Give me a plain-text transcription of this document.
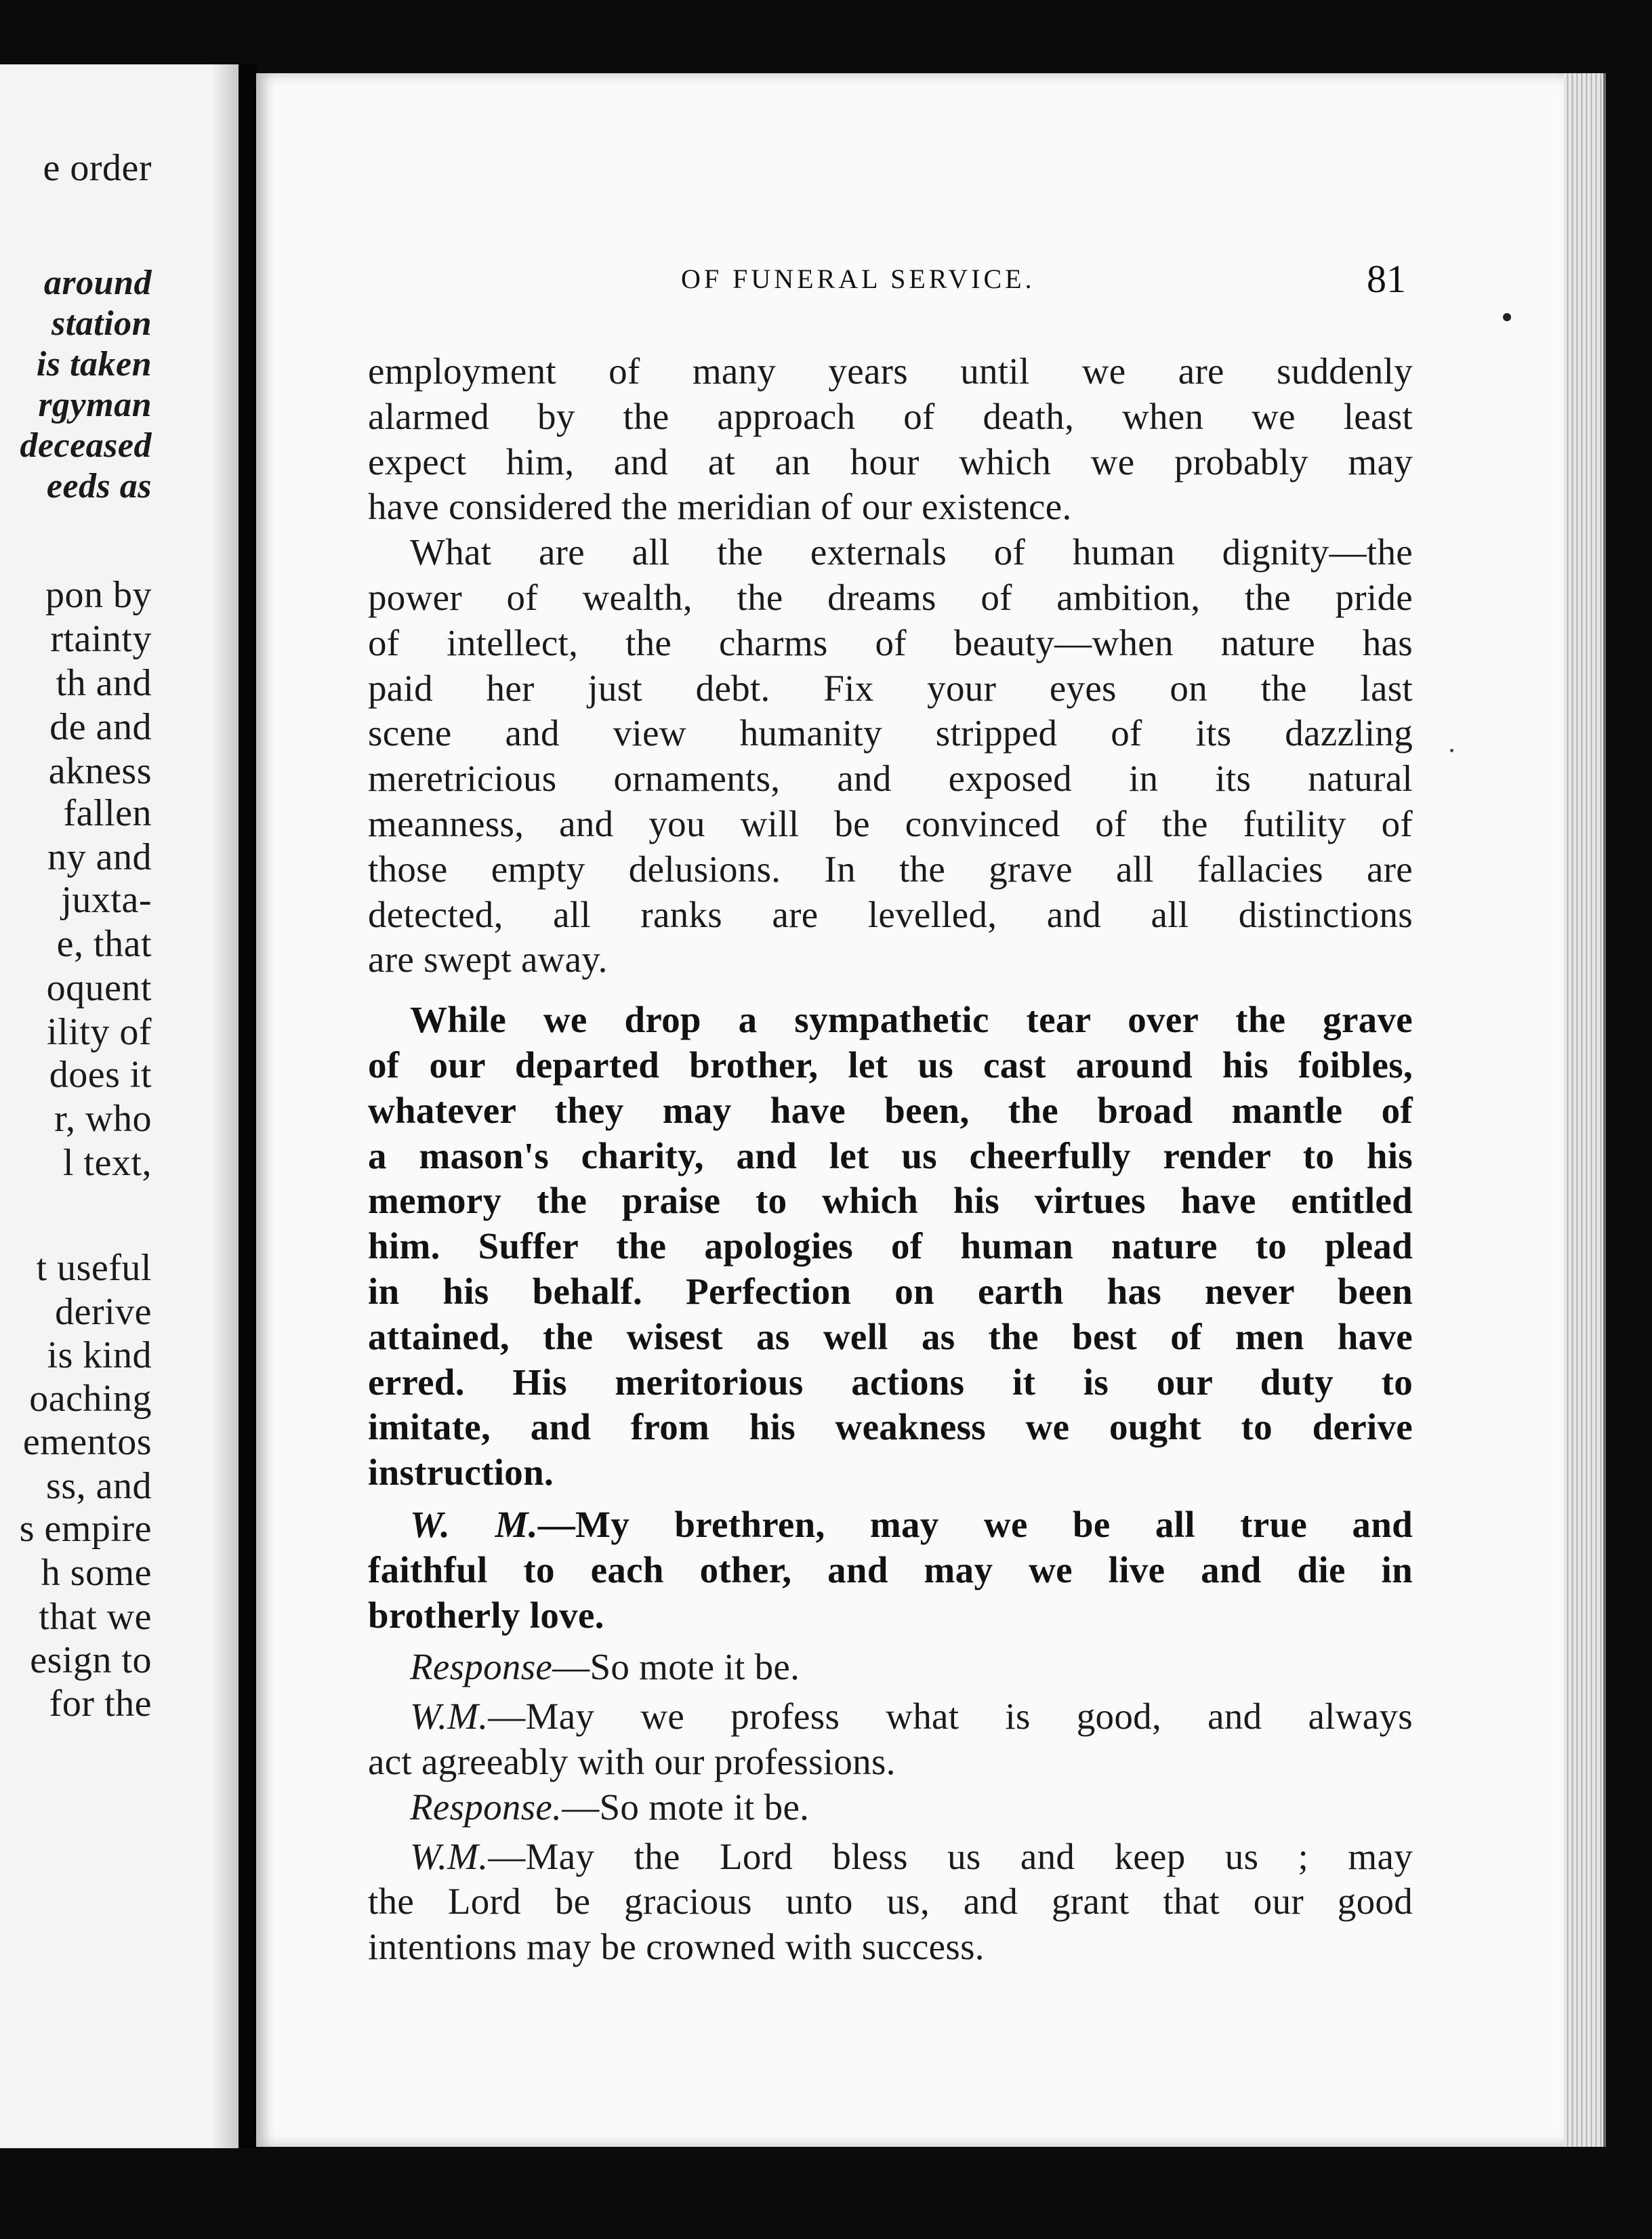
e order
around
station
is taken
rgyman
deceased
eeds as
pon by
rtainty
th and
de and
akness
fallen
ny and
juxta-
e, that
oquent
ility of
does it
r, who
l text,
t useful
derive
is kind
oaching
ementos
ss, and
s empire
h some
that we
esign to
for the
OF FUNERAL SERVICE.	81
employment of many years until we are suddenly
alarmed by the approach of death, when we least
expect him, and at an hour which we probably may
have considered the meridian of our existence.
What are all the externals of human dignity—the
power of wealth, the dreams of ambition, the pride
of intellect, the charms of beauty—when nature has
paid her just debt. Fix your eyes on the last
scene and view humanity stripped of its dazzling
meretricious ornaments, and exposed in its natural
meanness, and you will be convinced of the futility of
those empty delusions. In the grave all fallacies are
detected, all ranks are levelled, and all distinctions
are swept away.
While we drop a sympathetic tear over the grave
of our departed brother, let us cast around his foibles,
whatever they may have been, the broad mantle of
a mason's charity, and let us cheerfully render to his
memory the praise to which his virtues have entitled
him. Suffer the apologies of human nature to plead
in his behalf. Perfection on earth has never been
attained, the wisest as well as the best of men have
erred. His meritorious actions it is our duty to
imitate, and from his weakness we ought to derive
instruction.
W. M.—My brethren, may we be all true and
faithful to each other, and may we live and die in
brotherly love.
Response—So mote it be.
W.M.—May we profess what is good, and always
act agreeably with our professions.
Response.—So mote it be.
W.M.—May the Lord bless us and keep us ; may
the Lord be gracious unto us, and grant that our good
intentions may be crowned with success.
